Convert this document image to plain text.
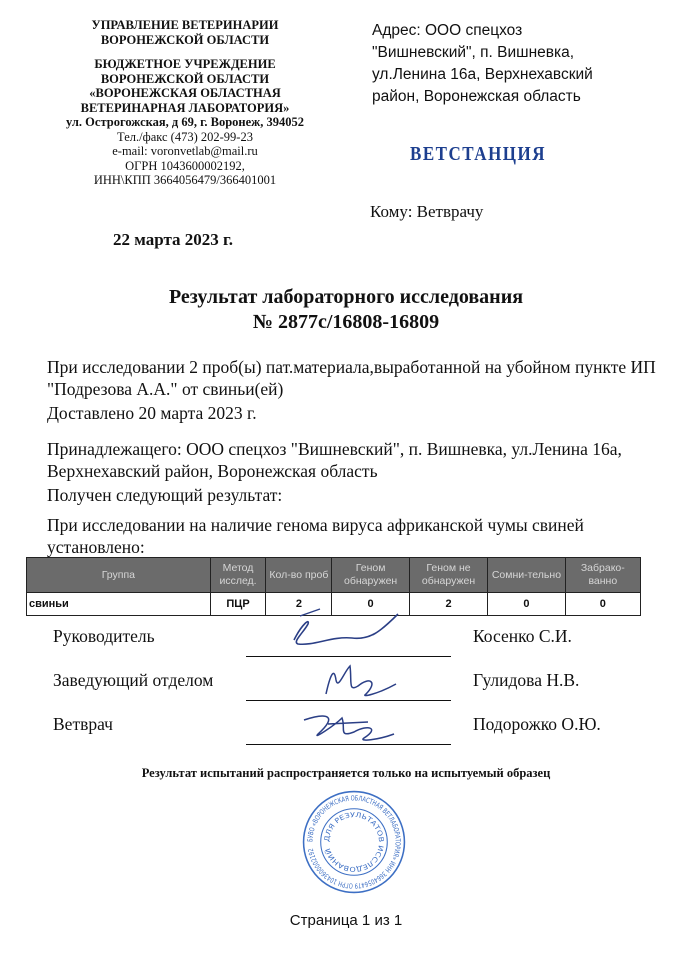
УПРАВЛЕНИЕ ВЕТЕРИНАРИИ
ВОРОНЕЖСКОЙ ОБЛАСТИ
БЮДЖЕТНОЕ УЧРЕЖДЕНИЕ
ВОРОНЕЖСКОЙ ОБЛАСТИ
«ВОРОНЕЖСКАЯ ОБЛАСТНАЯ
ВЕТЕРИНАРНАЯ ЛАБОРАТОРИЯ»
ул. Острогожская, д 69, г. Воронеж, 394052
Тел./факс (473) 202-99-23
e-mail: voronvetlab@mail.ru
ОГРН 1043600002192,
ИНН\КПП 3664056479/366401001
Адрес: ООО спецхоз
"Вишневский", п. Вишневка,
ул.Ленина 16а, Верхнехавский
район, Воронежская область
ВЕТСТАНЦИЯ
Кому: Ветврачу
22 марта 2023 г.
Результат лабораторного исследования
№ 2877с/16808-16809
При исследовании 2 проб(ы) пат.материала,выработанной на убойном пункте ИП "Подрезова А.А." от свиньи(ей)
Доставлено 20 марта 2023 г.
Принадлежащего: ООО спецхоз "Вишневский", п. Вишневка, ул.Ленина 16а, Верхнехавский район, Воронежская область
Получен следующий результат:
При исследовании на наличие генома вируса африканской чумы свиней установлено:
Группа	Метод исслед.	Кол-во проб	Геном обнаружен	Геном не обнаружен	Сомни-тельно	Забрако-ванно
свиньи	ПЦР	2	0	2	0	0
Руководитель	Косенко С.И.
Заведующий отделом	Гулидова Н.В.
Ветврач	Подорожко О.Ю.
Результат испытаний распространяется только на испытуемый образец
БУВО «ВОРОНЕЖСКАЯ ОБЛАСТНАЯ ВЕТЛАБОРАТОРИЯ» ИНН 3664056479 ОГРН 1043600002192
ДЛЯ РЕЗУЛЬТАТОВ ИССЛЕДОВАНИЙ
Страница 1 из 1
